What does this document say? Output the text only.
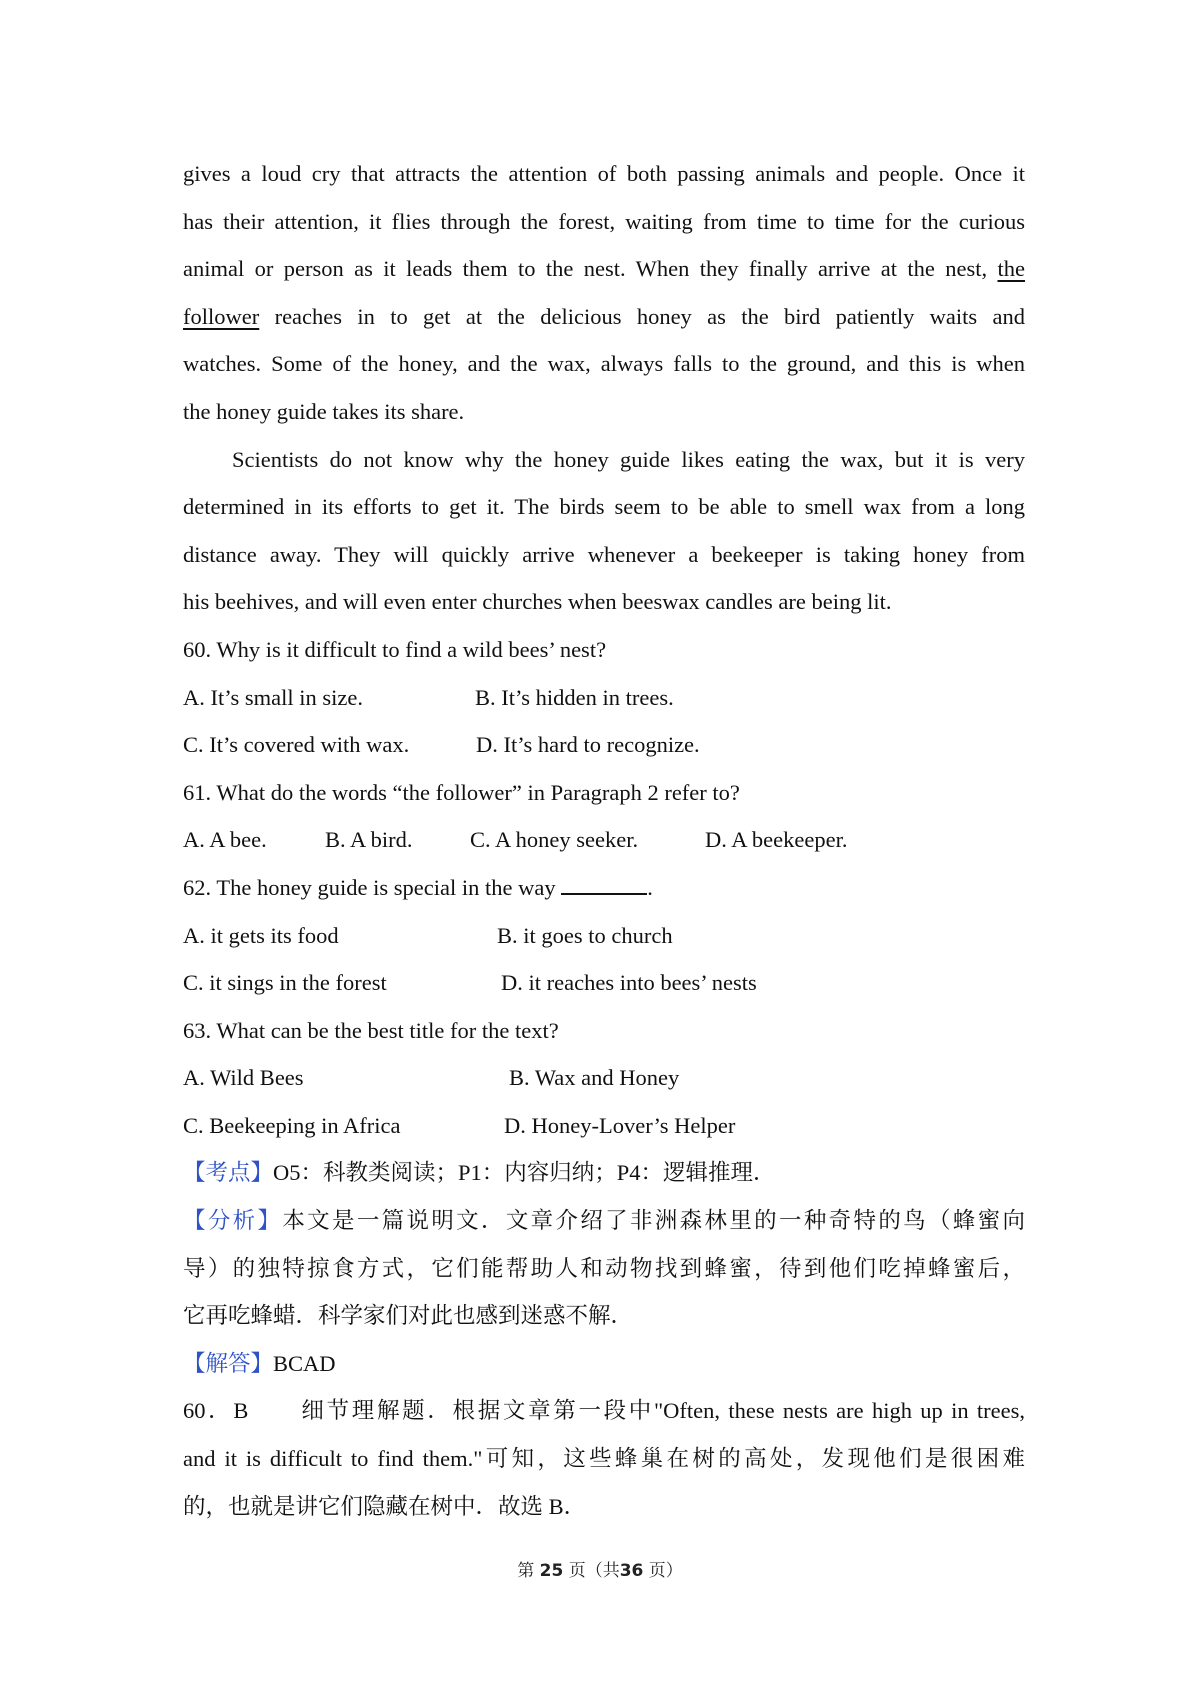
gives a loud cry that attracts the attention of both passing animals and people. Once it
has their attention, it flies through the forest, waiting from time to time for the curious
animal or person as it leads them to the nest. When they finally arrive at the nest, the
follower reaches in to get at the delicious honey as the bird patiently waits and
watches. Some of the honey, and the wax, always falls to the ground, and this is when
the honey guide takes its share.
Scientists do not know why the honey guide likes eating the wax, but it is very
determined in its efforts to get it. The birds seem to be able to smell wax from a long
distance away. They will quickly arrive whenever a beekeeper is taking honey from
his beehives, and will even enter churches when beeswax candles are being lit.
60. Why is it difficult to find a wild bees’ nest?
A. It’s small in size.	B. It’s hidden in trees.
C. It’s covered with wax.	D. It’s hard to recognize.
61. What do the words “the follower” in Paragraph 2 refer to?
A. A bee.	B. A bird.	C. A honey seeker.	D. A beekeeper.
62. The honey guide is special in the way	.
A. it gets its food	B. it goes to church
C. it sings in the forest	D. it reaches into bees’ nests
63. What can be the best title for the text?
A. Wild Bees	B. Wax and Honey
C. Beekeeping in Africa	D. Honey-Lover’s Helper
【考点】O5：科教类阅读；P1：内容归纳；P4：逻辑推理．
【分析】本文是一篇说明文．文章介绍了非洲森林里的一种奇特的鸟（蜂蜜向
导）的独特掠食方式，它们能帮助人和动物找到蜂蜜，待到他们吃掉蜂蜜后，
它再吃蜂蜡．科学家们对此也感到迷惑不解．
【解答】BCAD
60．B　　细节理解题．根据文章第一段中"Often, these nests are high up in trees,
and it is difficult to find them."可知，这些蜂巢在树的高处，发现他们是很困难
的，也就是讲它们隐藏在树中．故选 B．
第 25 页（共36 页）
